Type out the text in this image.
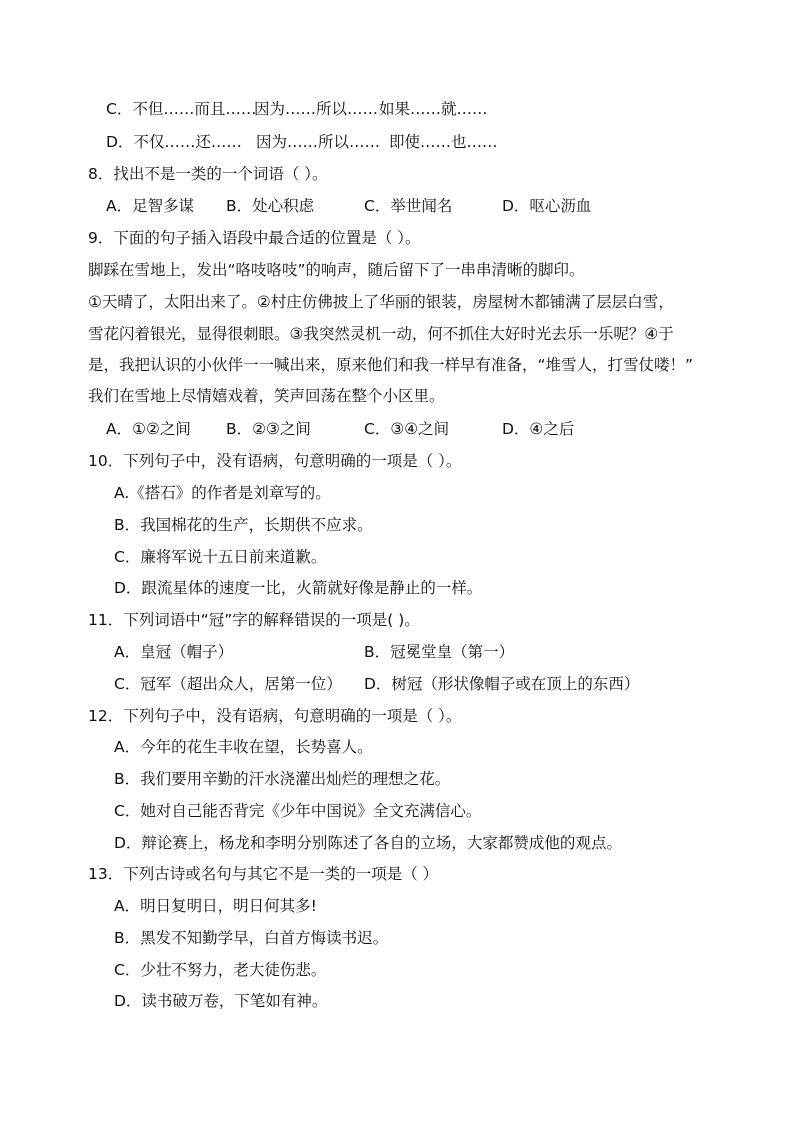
C．不但……而且……
因为……所以…… 如果……就……
D．不仅……还…… 因为……所以…… 即使……也……
8．找出不是一类的一个词语（ ）。
A．足智多谋 B．处心积虑	C．举世闻名	D．呕心沥血
9．下面的句子插入语段中最合适的位置是（ ）。
脚踩在雪地上，发出“咯吱咯吱”的响声，随后留下了一串串清晰的脚印。
①天晴了，太阳出来了。②村庄仿佛披上了华丽的银装，房屋树木都铺满了层层白雪，
雪花闪着银光，显得很刺眼。③我突然灵机一动，何不抓住大好时光去乐一乐呢？④于
是，我把认识的小伙伴一一喊出来，原来他们和我一样早有准备，“堆雪人，打雪仗喽！”
我们在雪地上尽情嬉戏着，笑声回荡在整个小区里。
A．①②之间 B．②③之间	C．③④之间	D．④之后
10．下列句子中，没有语病，句意明确的一项是（ ）。
A.《搭石》的作者是刘章写的。
B．我国棉花的生产，长期供不应求。
C．廉将军说十五日前来道歉。
D．跟流星体的速度一比，火箭就好像是静止的一样。
11．下列词语中“冠”字的解释错误的一项是( )。
A．皇冠（帽子）	B．冠冕堂皇（第一）
C．冠军（超出众人，居第一位） D．树冠（形状像帽子或在顶上的东西）
12．下列句子中，没有语病，句意明确的一项是（ ）。
A．今年的花生丰收在望，长势喜人。
B．我们要用辛勤的汗水浇灌出灿烂的理想之花。
C．她对自己能否背完《少年中国说》全文充满信心。
D．辩论赛上，杨龙和李明分别陈述了各自的立场，大家都赞成他的观点。
13．下列古诗或名句与其它不是一类的一项是（ ）
A．明日复明日，明日何其多!
B．黑发不知勤学早，白首方悔读书迟。
C．少壮不努力，老大徒伤悲。
D．读书破万卷，下笔如有神。
